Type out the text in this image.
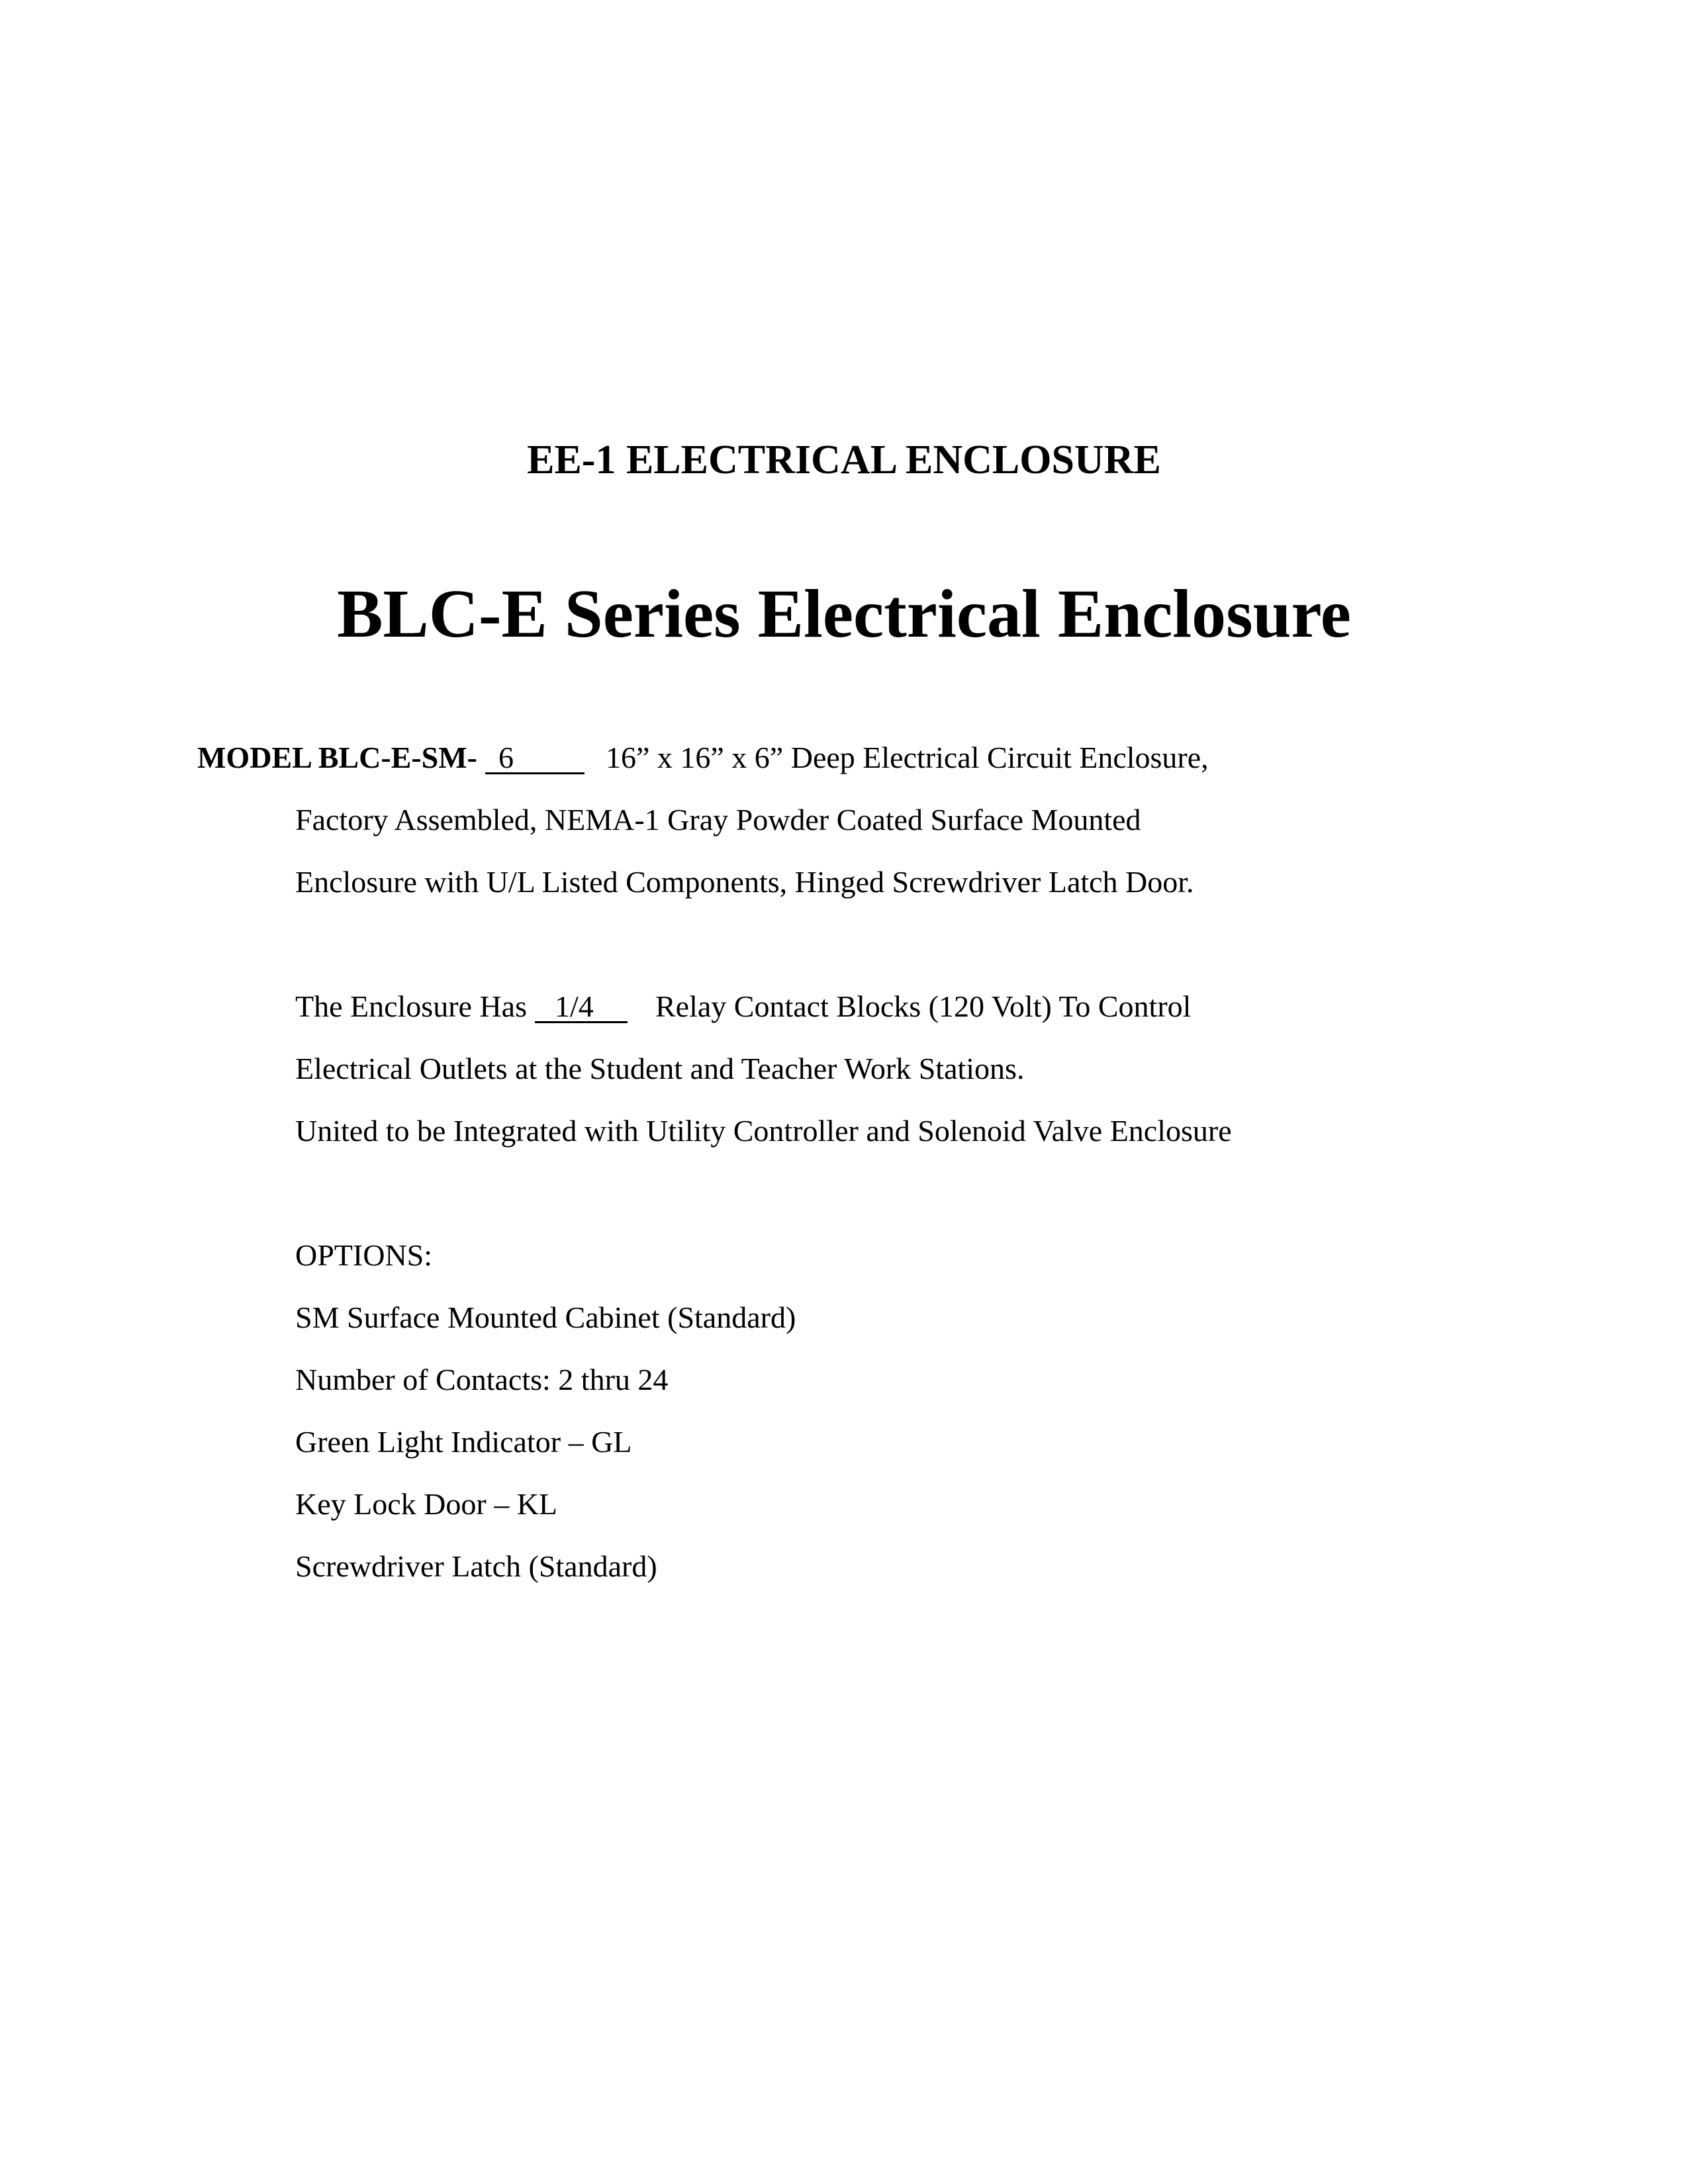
EE-1 ELECTRICAL ENCLOSURE
BLC-E Series Electrical Enclosure
MODEL BLC-E-SM- 6	16” x 16” x 6” Deep Electrical Circuit Enclosure,
Factory Assembled, NEMA-1 Gray Powder Coated Surface Mounted
Enclosure with U/L Listed Components, Hinged Screwdriver Latch Door.
The Enclosure Has 1/4 Relay Contact Blocks (120 Volt) To Control
Electrical Outlets at the Student and Teacher Work Stations.
United to be Integrated with Utility Controller and Solenoid Valve Enclosure
OPTIONS:
SM Surface Mounted Cabinet (Standard)
Number of Contacts: 2 thru 24
Green Light Indicator – GL
Key Lock Door – KL
Screwdriver Latch (Standard)
